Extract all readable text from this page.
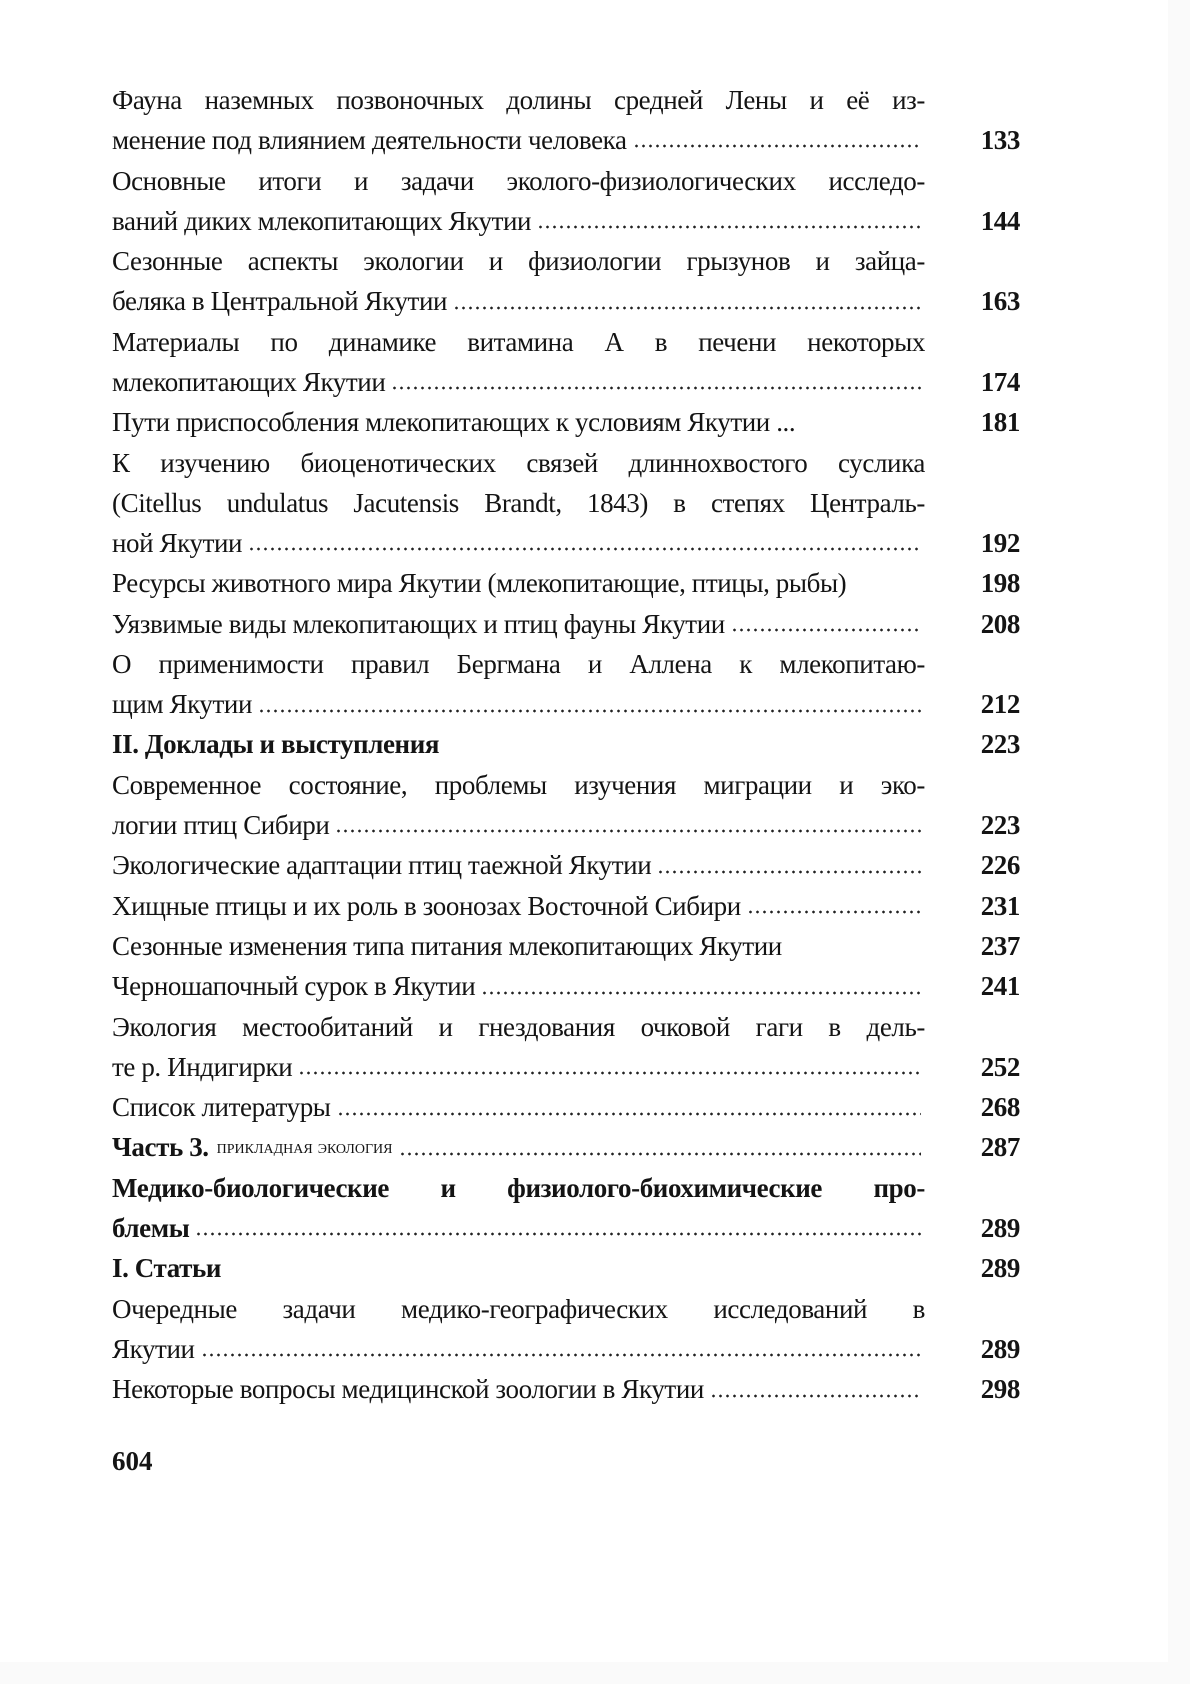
Фауна наземных позвоночных долины средней Лены и её из-
менение под влиянием деятельности человека	133
Основные итоги и задачи эколого-физиологических исследо-
ваний диких млекопитающих Якутии	144
Сезонные аспекты экологии и физиологии грызунов и зайца-
беляка в Центральной Якутии	163
Материалы по динамике витамина А в печени некоторых
млекопитающих Якутии	174
Пути приспособления млекопитающих к условиям Якутии ...	181
К изучению биоценотических связей длиннохвостого суслика
(Citellus undulatus Jacutensis Brandt, 1843) в степях Централь-
ной Якутии	192
Ресурсы животного мира Якутии (млекопитающие, птицы, рыбы)	198
Уязвимые виды млекопитающих и птиц фауны Якутии	208
О применимости правил Бергмана и Аллена к млекопитаю-
щим Якутии	212
II. Доклады и выступления	223
Современное состояние, проблемы изучения миграции и эко-
логии птиц Сибири	223
Экологические адаптации птиц таежной Якутии	226
Хищные птицы и их роль в зоонозах Восточной Сибири	231
Сезонные изменения типа питания млекопитающих Якутии	237
Черношапочный сурок в Якутии	241
Экология местообитаний и гнездования очковой гаги в дель-
те р. Индигирки	252
Список литературы	268
Часть 3. прикладная экология	287
Медико-биологические и физиолого-биохимические про-
блемы	289
I. Статьи	289
Очередные задачи медико-географических исследований в
Якутии	289
Некоторые вопросы медицинской зоологии в Якутии	298
604
